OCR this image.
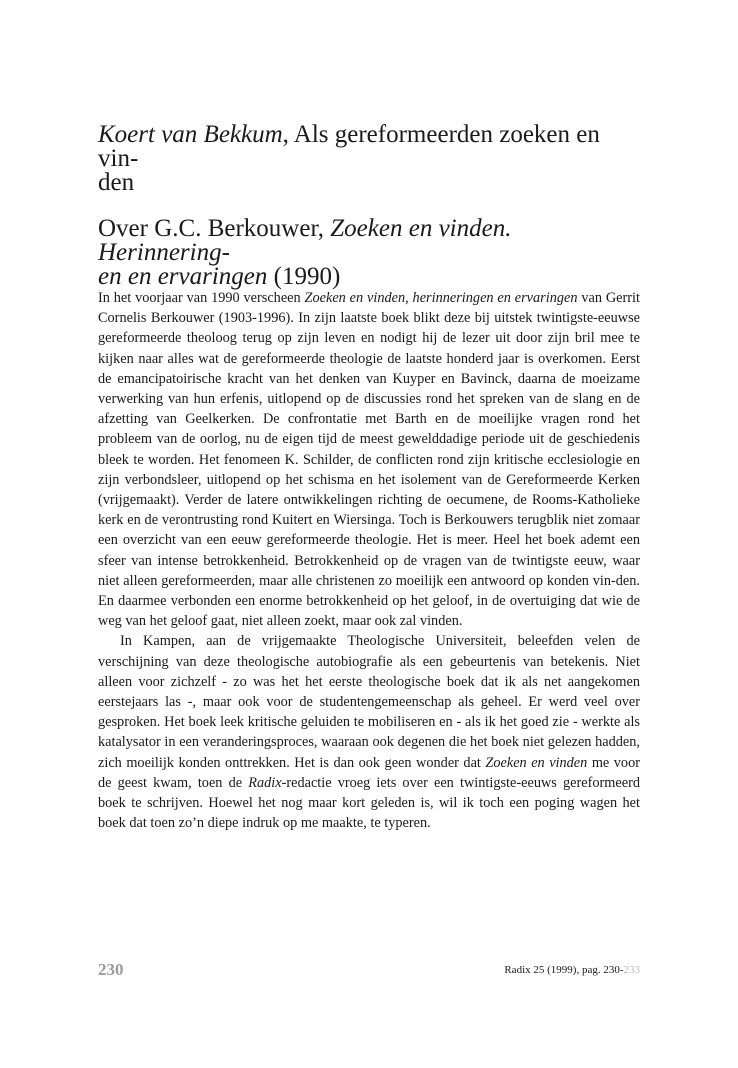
Koert van Bekkum, Als gereformeerden zoeken en vin-
den
Over G.C. Berkouwer, Zoeken en vinden. Herinnering-
en en ervaringen (1990)

In het voorjaar van 1990 verscheen Zoeken en vinden, herinneringen en ervaringen van Gerrit Cornelis Berkouwer (1903-1996). In zijn laatste boek blikt deze bij uitstek twintigste-eeuwse gereformeerde theoloog terug op zijn leven en nodigt hij de lezer uit door zijn bril mee te kijken naar alles wat de gereformeerde theologie de laatste honderd jaar is overkomen. Eerst de emancipatoirische kracht van het denken van Kuyper en Bavinck, daarna de moeizame verwerking van hun erfenis, uitlopend op de discussies rond het spreken van de slang en de afzetting van Geelkerken. De confrontatie met Barth en de moeilijke vragen rond het probleem van de oorlog, nu de eigen tijd de meest gewelddadige periode uit de geschiedenis bleek te worden. Het fenomeen K. Schilder, de conflicten rond zijn kritische ecclesiologie en zijn verbondsleer, uitlopend op het schisma en het isolement van de Gereformeerde Kerken (vrijgemaakt). Verder de latere ontwikkelingen richting de oecumene, de Rooms-Katholieke kerk en de verontrusting rond Kuitert en Wiersinga. Toch is Berkouwers terugblik niet zomaar een overzicht van een eeuw gereformeerde theologie. Het is meer. Heel het boek ademt een sfeer van intense betrokkenheid. Betrokkenheid op de vragen van de twintigste eeuw, waar niet alleen gereformeerden, maar alle christenen zo moeilijk een antwoord op konden vin-den. En daarmee verbonden een enorme betrokkenheid op het geloof, in de overtuiging dat wie de weg van het geloof gaat, niet alleen zoekt, maar ook zal vinden.

In Kampen, aan de vrijgemaakte Theologische Universiteit, beleefden velen de verschijning van deze theologische autobiografie als een gebeurtenis van betekenis. Niet alleen voor zichzelf - zo was het het eerste theologische boek dat ik als net aangekomen eerstejaars las -, maar ook voor de studentengemeenschap als geheel. Er werd veel over gesproken. Het boek leek kritische geluiden te mobiliseren en - als ik het goed zie - werkte als katalysator in een veranderingsproces, waaraan ook degenen die het boek niet gelezen hadden, zich moeilijk konden onttrekken. Het is dan ook geen wonder dat Zoeken en vinden me voor de geest kwam, toen de Radix-redactie vroeg iets over een twintigste-eeuws gereformeerd boek te schrijven. Hoewel het nog maar kort geleden is, wil ik toch een poging wagen het boek dat toen zo’n diepe indruk op me maakte, te typeren.

230	Radix 25 (1999), pag. 230-233
